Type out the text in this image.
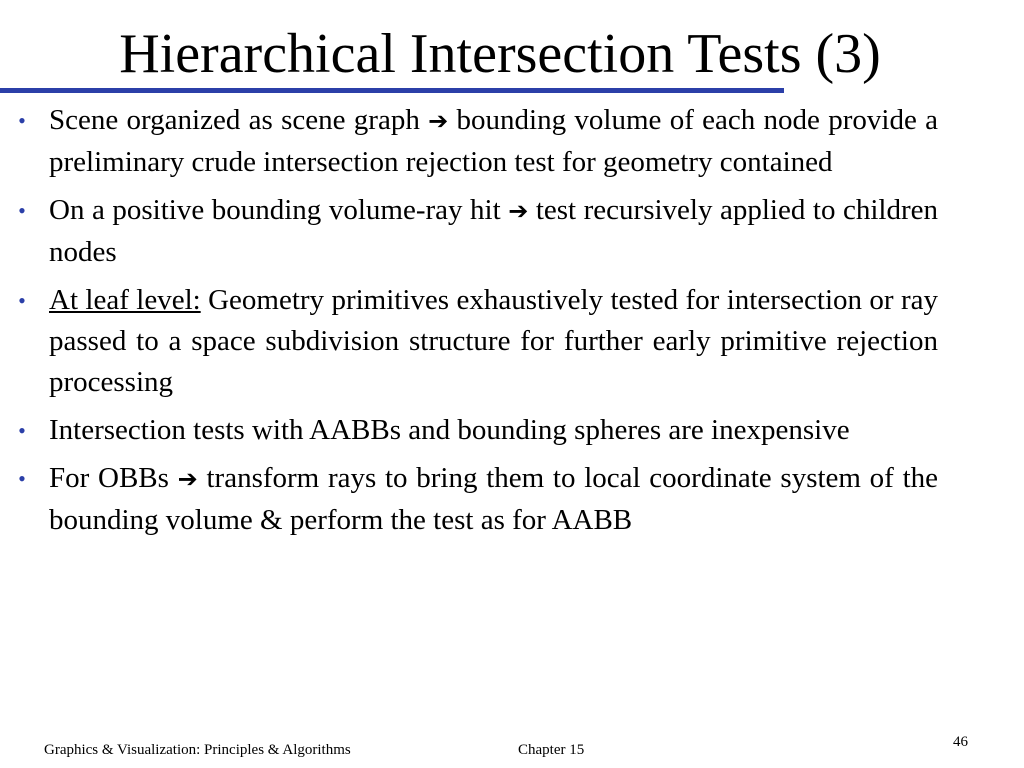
Hierarchical Intersection Tests (3)
• Scene organized as scene graph ➔ bounding volume of each node provide a preliminary crude intersection rejection test for geometry contained
• On a positive bounding volume-ray hit ➔ test recursively applied to children nodes
• At leaf level: Geometry primitives exhaustively tested for intersection or ray passed to a space subdivision structure for further early primitive rejection processing
• Intersection tests with AABBs and bounding spheres are inexpensive
• For OBBs ➔ transform rays to bring them to local coordinate system of the bounding volume & perform the test as for AABB
Graphics & Visualization: Principles & Algorithms	Chapter 15	46
